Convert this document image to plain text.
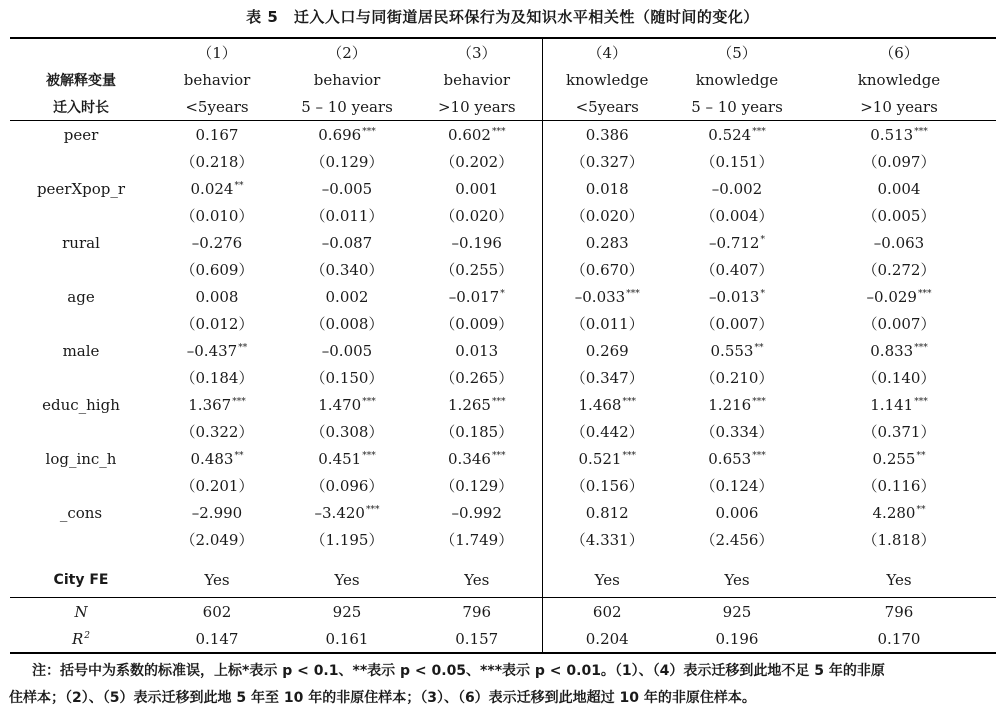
表 5　迁入人口与同街道居民环保行为及知识水平相关性（随时间的变化）
	（1）	（2）	（3）	（4）	（5）	（6）
被解释变量	behavior	behavior	behavior	knowledge	knowledge	knowledge
迁入时长	<5years	5 – 10 years	>10 years	<5years	5 – 10 years	>10 years
peer	0.167	0.696***	0.602***	0.386	0.524***	0.513***
	（0.218）	（0.129）	（0.202）	（0.327）	（0.151）	（0.097）
peerXpop_r	0.024**	–0.005	0.001	0.018	–0.002	0.004
	（0.010）	（0.011）	（0.020）	（0.020）	（0.004）	（0.005）
rural	–0.276	–0.087	–0.196	0.283	–0.712*	–0.063
	（0.609）	（0.340）	（0.255）	（0.670）	（0.407）	（0.272）
age	0.008	0.002	–0.017*	–0.033***	–0.013*	–0.029***
	（0.012）	（0.008）	（0.009）	（0.011）	（0.007）	（0.007）
male	–0.437**	–0.005	0.013	0.269	0.553**	0.833***
	（0.184）	（0.150）	（0.265）	（0.347）	（0.210）	（0.140）
educ_high	1.367***	1.470***	1.265***	1.468***	1.216***	1.141***
	（0.322）	（0.308）	（0.185）	（0.442）	（0.334）	（0.371）
log_inc_h	0.483**	0.451***	0.346***	0.521***	0.653***	0.255**
	（0.201）	（0.096）	（0.129）	（0.156）	（0.124）	（0.116）
_cons	–2.990	–3.420***	–0.992	0.812	0.006	4.280**
	（2.049）	（1.195）	（1.749）	（4.331）	（2.456）	（1.818）

City FE	Yes	Yes	Yes	Yes	Yes	Yes
N	602	925	796	602	925	796
$R^2$	0.147	0.161	0.157	0.204	0.196	0.170
注：括号中为系数的标准误，上标*表示 p < 0.1、**表示 p < 0.05、***表示 p < 0.01。（1）、（4）表示迁移到此地不足 5 年的非原
住样本；（2）、（5）表示迁移到此地 5 年至 10 年的非原住样本；（3）、（6）表示迁移到此地超过 10 年的非原住样本。
